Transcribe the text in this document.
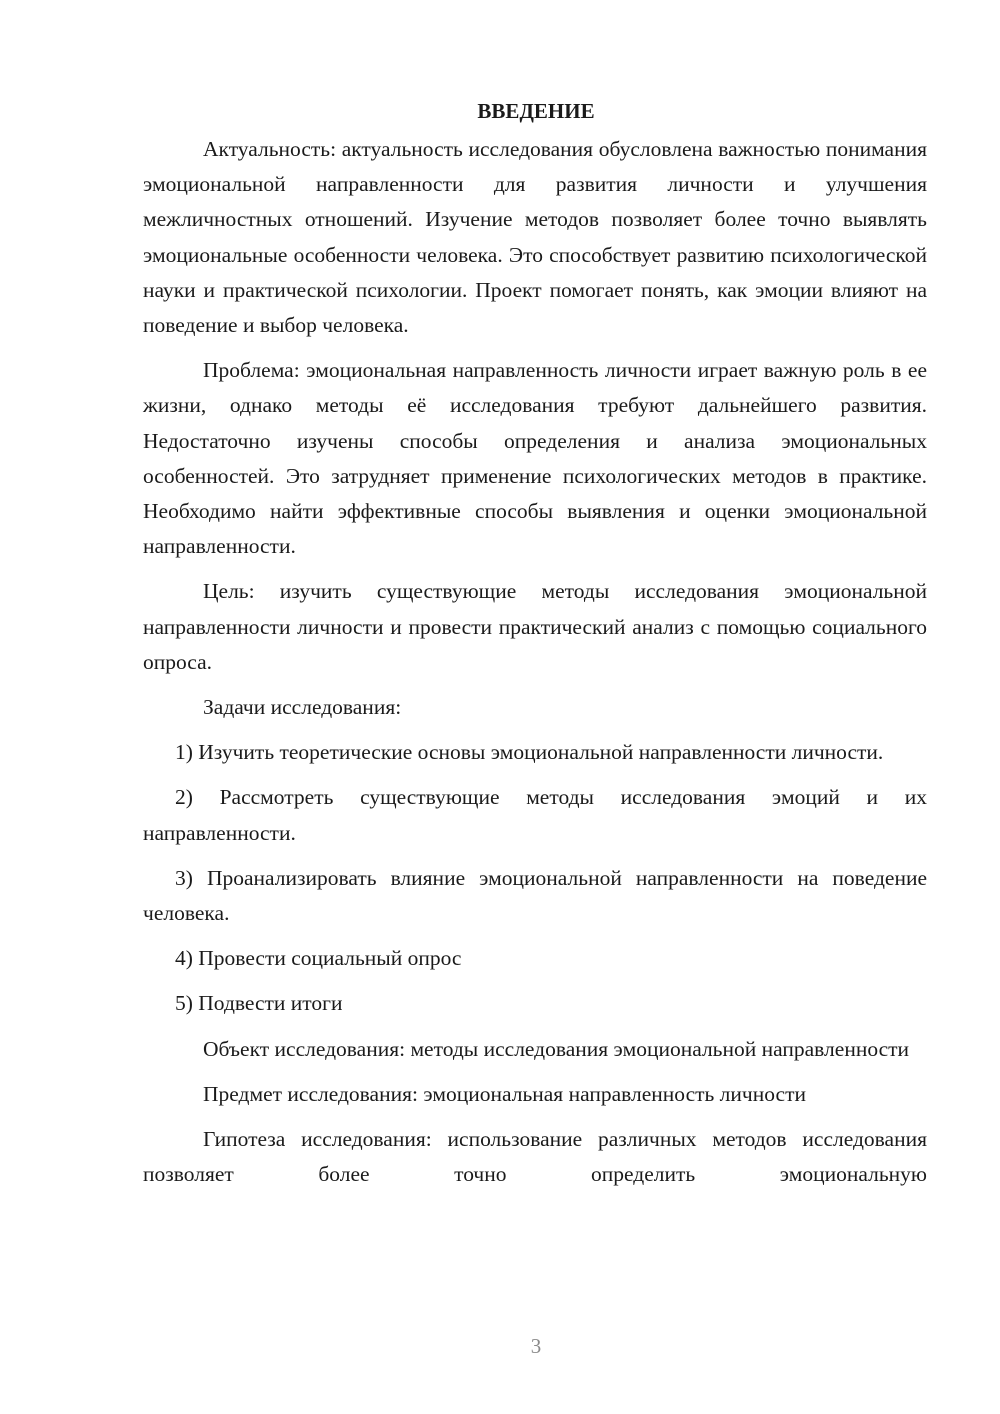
ВВЕДЕНИЕ

Актуальность: актуальность исследования обусловлена важностью понимания эмоциональной направленности для развития личности и улучшения межличностных отношений. Изучение методов позволяет более точно выявлять эмоциональные особенности человека. Это способствует развитию психологической науки и практической психологии. Проект помогает понять, как эмоции влияют на поведение и выбор человека.

Проблема: эмоциональная направленность личности играет важную роль в ее жизни, однако методы её исследования требуют дальнейшего развития. Недостаточно изучены способы определения и анализа эмоциональных особенностей. Это затрудняет применение психологических методов в практике. Необходимо найти эффективные способы выявления и оценки эмоциональной направленности.

Цель: изучить существующие методы исследования эмоциональной направленности личности и провести практический анализ с помощью социального опроса.

Задачи исследования:

1) Изучить теоретические основы эмоциональной направленности личности.

2) Рассмотреть существующие методы исследования эмоций и их направленности.

3) Проанализировать влияние эмоциональной направленности на поведение человека.

4) Провести социальный опрос

5) Подвести итоги

Объект исследования: методы исследования эмоциональной направленности

Предмет исследования: эмоциональная направленность личности

Гипотеза исследования: использование различных методов исследования позволяет более точно определить эмоциональную

3
